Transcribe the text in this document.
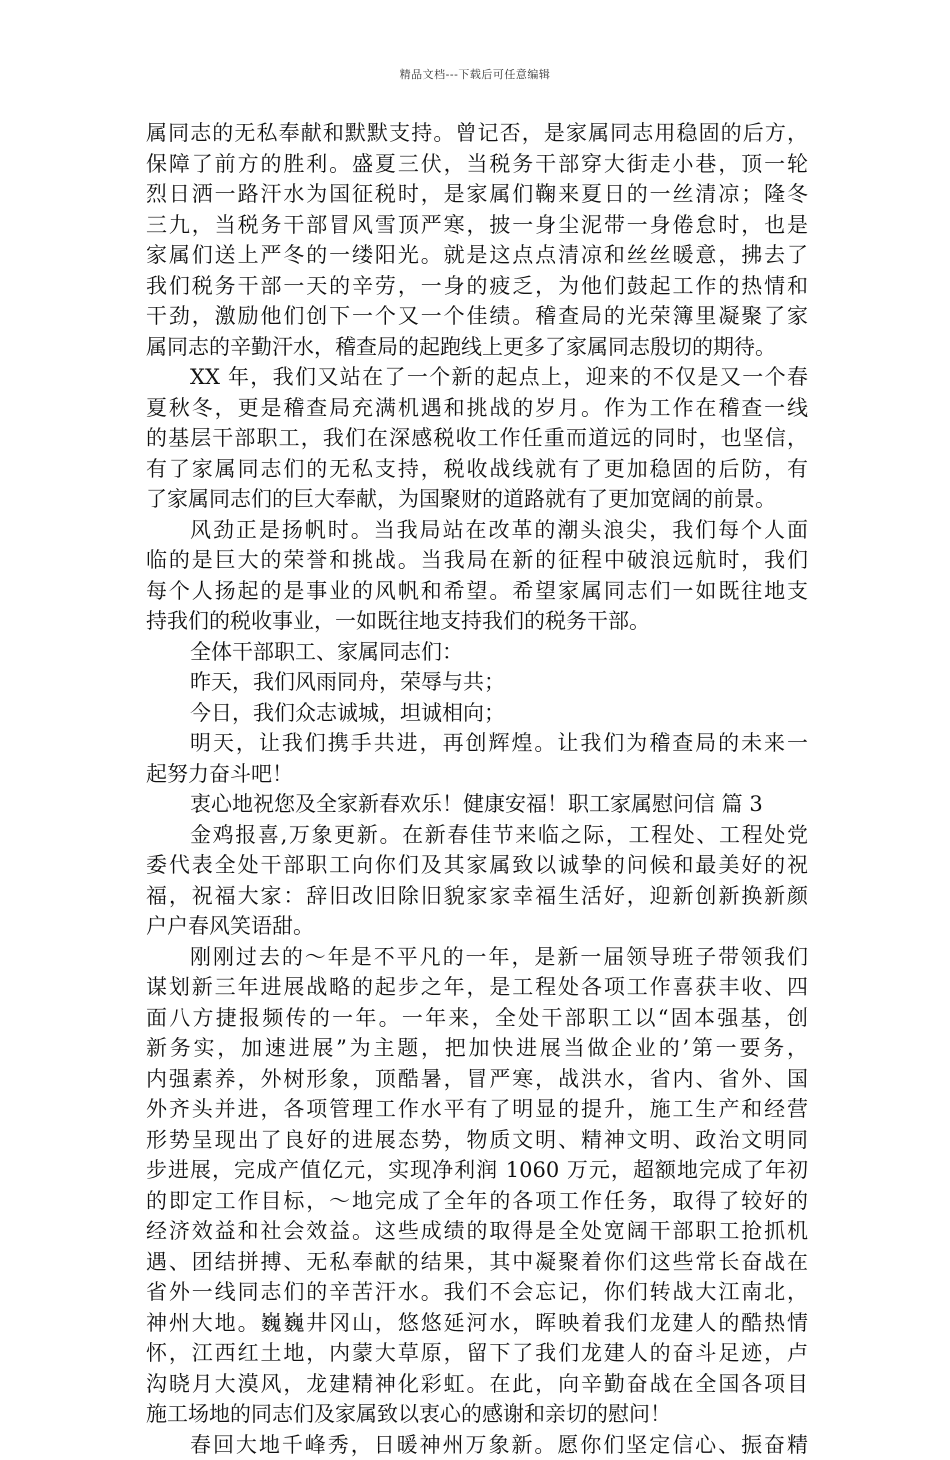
精品文档---下载后可任意编辑
属同志的无私奉献和默默支持。曾记否，是家属同志用稳固的后方，
保障了前方的胜利。盛夏三伏，当税务干部穿大街走小巷，顶一轮
烈日洒一路汗水为国征税时，是家属们鞠来夏日的一丝清凉；隆冬
三九，当税务干部冒风雪顶严寒，披一身尘泥带一身倦怠时，也是
家属们送上严冬的一缕阳光。就是这点点清凉和丝丝暖意，拂去了
我们税务干部一天的辛劳，一身的疲乏，为他们鼓起工作的热情和
干劲，激励他们创下一个又一个佳绩。稽查局的光荣簿里凝聚了家
属同志的辛勤汗水，稽查局的起跑线上更多了家属同志殷切的期待。
XX 年，我们又站在了一个新的起点上，迎来的不仅是又一个春
夏秋冬，更是稽查局充满机遇和挑战的岁月。作为工作在稽查一线
的基层干部职工，我们在深感税收工作任重而道远的同时，也坚信，
有了家属同志们的无私支持，税收战线就有了更加稳固的后防，有
了家属同志们的巨大奉献，为国聚财的道路就有了更加宽阔的前景。
风劲正是扬帆时。当我局站在改革的潮头浪尖，我们每个人面
临的是巨大的荣誉和挑战。当我局在新的征程中破浪远航时，我们
每个人扬起的是事业的风帆和希望。希望家属同志们一如既往地支
持我们的税收事业，一如既往地支持我们的税务干部。
全体干部职工、家属同志们：
昨天，我们风雨同舟，荣辱与共；
今日，我们众志诚城，坦诚相向；
明天，让我们携手共进，再创辉煌。让我们为稽查局的未来一
起努力奋斗吧！
衷心地祝您及全家新春欢乐！健康安福！职工家属慰问信 篇 3
金鸡报喜,万象更新。在新春佳节来临之际，工程处、工程处党
委代表全处干部职工向你们及其家属致以诚挚的问候和最美好的祝
福，祝福大家：辞旧改旧除旧貌家家幸福生活好，迎新创新换新颜
户户春风笑语甜。
刚刚过去的～年是不平凡的一年，是新一届领导班子带领我们
谋划新三年进展战略的起步之年，是工程处各项工作喜获丰收、四
面八方捷报频传的一年。一年来，全处干部职工以“固本强基，创
新务实，加速进展”为主题，把加快进展当做企业的’第一要务，
内强素养，外树形象，顶酷暑，冒严寒，战洪水，省内、省外、国
外齐头并进，各项管理工作水平有了明显的提升，施工生产和经营
形势呈现出了良好的进展态势，物质文明、精神文明、政治文明同
步进展，完成产值亿元，实现净利润 1060 万元，超额地完成了年初
的即定工作目标，～地完成了全年的各项工作任务，取得了较好的
经济效益和社会效益。这些成绩的取得是全处宽阔干部职工抢抓机
遇、团结拼搏、无私奉献的结果，其中凝聚着你们这些常长奋战在
省外一线同志们的辛苦汗水。我们不会忘记，你们转战大江南北，
神州大地。巍巍井冈山，悠悠延河水，晖映着我们龙建人的酷热情
怀，江西红土地，内蒙大草原，留下了我们龙建人的奋斗足迹，卢
沟晓月大漠风，龙建精神化彩虹。在此，向辛勤奋战在全国各项目
施工场地的同志们及家属致以衷心的感谢和亲切的慰问！
春回大地千峰秀，日暖神州万象新。愿你们坚定信心、振奋精
